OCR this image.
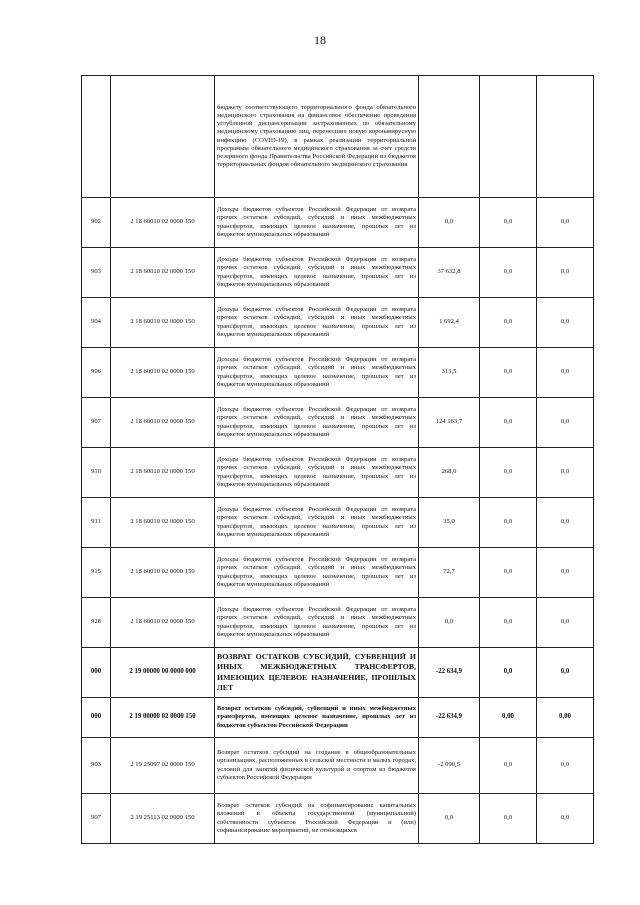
18
		бюджету соответствующего территориального фонда обязательного медицинского страхования на финансовое обеспечение проведения углубленной диспансеризации застрахованных по обязательному медицинскому страхованию лиц, перенесших новую коронавирусную инфекцию (COVID-19), в рамках реализации территориальной программы обязательного медицинского страхования за счет средств резервного фонда Правительства Российской Федерации из бюджетов территориальных фондов обязательного медицинского страхования			
902	2 18 60010 02 0000 150	Доходы бюджетов субъектов Российской Федерации от возврата прочих остатков субсидий, субсидий и иных межбюджетных трансфертов, имеющих целевое назначение, прошлых лет из бюджетов муниципальных образований	0,0	0,0	0,0
903	2 18 60010 02 0000 150	Доходы бюджетов субъектов Российской Федерации от возврата прочих остатков субсидий, субсидий и иных межбюджетных трансфертов, имеющих целевое назначение, прошлых лет из бюджетов муниципальных образований	37 632,8	0,0	0,0
904	2 18 60010 02 0000 150	Доходы бюджетов субъектов Российской Федерации от возврата прочих остатков субсидий, субсидий и иных межбюджетных трансфертов, имеющих целевое назначение, прошлых лет из бюджетов муниципальных образований	1 692,4	0,0	0,0
906	2 18 60010 02 0000 150	Доходы бюджетов субъектов Российской Федерации от возврата прочих остатков субсидий, субсидий и иных межбюджетных трансфертов, имеющих целевое назначение, прошлых лет из бюджетов муниципальных образований	313,5	0,0	0,0
907	2 18 60010 02 0000 150	Доходы бюджетов субъектов Российской Федерации от возврата прочих остатков субсидий, субсидий и иных межбюджетных трансфертов, имеющих целевое назначение, прошлых лет из бюджетов муниципальных образований	124 163,7	0,0	0,0
910	2 18 60010 02 0000 150	Доходы бюджетов субъектов Российской Федерации от возврата прочих остатков субсидий, субсидий и иных межбюджетных трансфертов, имеющих целевое назначение, прошлых лет из бюджетов муниципальных образований	268,0	0,0	0,0
911	2 18 60010 02 0000 150	Доходы бюджетов субъектов Российской Федерации от возврата прочих остатков субсидий, субсидий и иных межбюджетных трансфертов, имеющих целевое назначение, прошлых лет из бюджетов муниципальных образований	35,0	0,0	0,0
915	2 18 60010 02 0000 150	Доходы бюджетов субъектов Российской Федерации от возврата прочих остатков субсидий, субсидий и иных межбюджетных трансфертов, имеющих целевое назначение, прошлых лет из бюджетов муниципальных образований	72,7	0,0	0,0
928	2 18 60010 02 0000 150	Доходы бюджетов субъектов Российской Федерации от возврата прочих остатков субсидий, субсидий и иных межбюджетных трансфертов, имеющих целевое назначение, прошлых лет из бюджетов муниципальных образований	0,0	0,0	0,0
000	2 19 00000 00 0000 000	ВОЗВРАТ ОСТАТКОВ СУБСИДИЙ, СУБВЕНЦИЙ И ИНЫХ МЕЖБЮДЖЕТНЫХ ТРАНСФЕРТОВ, ИМЕЮЩИХ ЦЕЛЕВОЕ НАЗНАЧЕНИЕ, ПРОШЛЫХ ЛЕТ	-22 634,9	0,0	0,0
000	2 19 00000 02 0000 150	Возврат остатков субсидий, субвенций и иных межбюджетных трансфертов, имеющих целевое назначение, прошлых лет из бюджетов субъектов Российской Федерации	-22 634,9	0,00	0,00
903	2 19 25097 02 0000 150	Возврат остатков субсидий на создание в общеобразовательных организациях, расположенных в сельской местности и малых городах, условий для занятий физической культурой и спортом из бюджетов субъектов Российской Федерации	-2 090,5	0,0	0,0
907	2 19 25113 02 0000 150	Возврат остатков субсидий на софинансирование капитальных вложений в объекты государственной (муниципальной) собственности субъектов Российской Федерации и (или) софинансирование мероприятий, не относящихся	0,0	0,0	0,0
